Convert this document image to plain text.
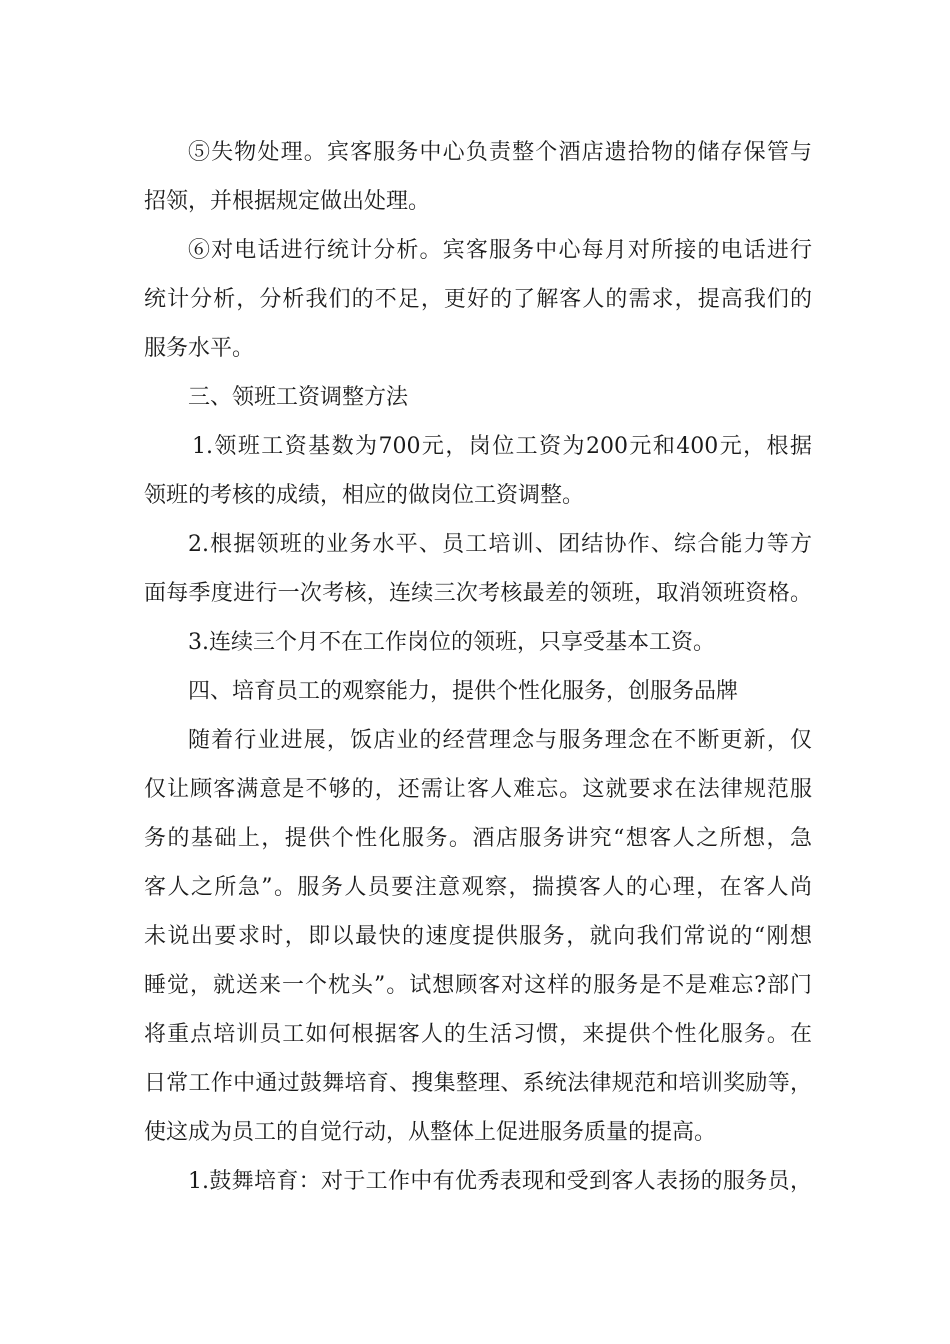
⑤失物处理。宾客服务中心负责整个酒店遗拾物的储存保管与
招领，并根据规定做出处理。
⑥对电话进行统计分析。宾客服务中心每月对所接的电话进行
统计分析，分析我们的不足，更好的了解客人的需求，提高我们的
服务水平。
三、领班工资调整方法
1.领班工资基数为700元，岗位工资为200元和400元，根据
领班的考核的成绩，相应的做岗位工资调整。
2.根据领班的业务水平、员工培训、团结协作、综合能力等方
面每季度进行一次考核，连续三次考核最差的领班，取消领班资格。
3.连续三个月不在工作岗位的领班，只享受基本工资。
四、培育员工的观察能力，提供个性化服务，创服务品牌
随着行业进展，饭店业的经营理念与服务理念在不断更新，仅
仅让顾客满意是不够的，还需让客人难忘。这就要求在法律规范服
务的基础上，提供个性化服务。酒店服务讲究“想客人之所想，急
客人之所急”。服务人员要注意观察，揣摸客人的心理，在客人尚
未说出要求时，即以最快的速度提供服务，就向我们常说的“刚想
睡觉，就送来一个枕头”。试想顾客对这样的服务是不是难忘?部门
将重点培训员工如何根据客人的生活习惯，来提供个性化服务。在
日常工作中通过鼓舞培育、搜集整理、系统法律规范和培训奖励等，
使这成为员工的自觉行动，从整体上促进服务质量的提高。
1.鼓舞培育：对于工作中有优秀表现和受到客人表扬的服务员，
